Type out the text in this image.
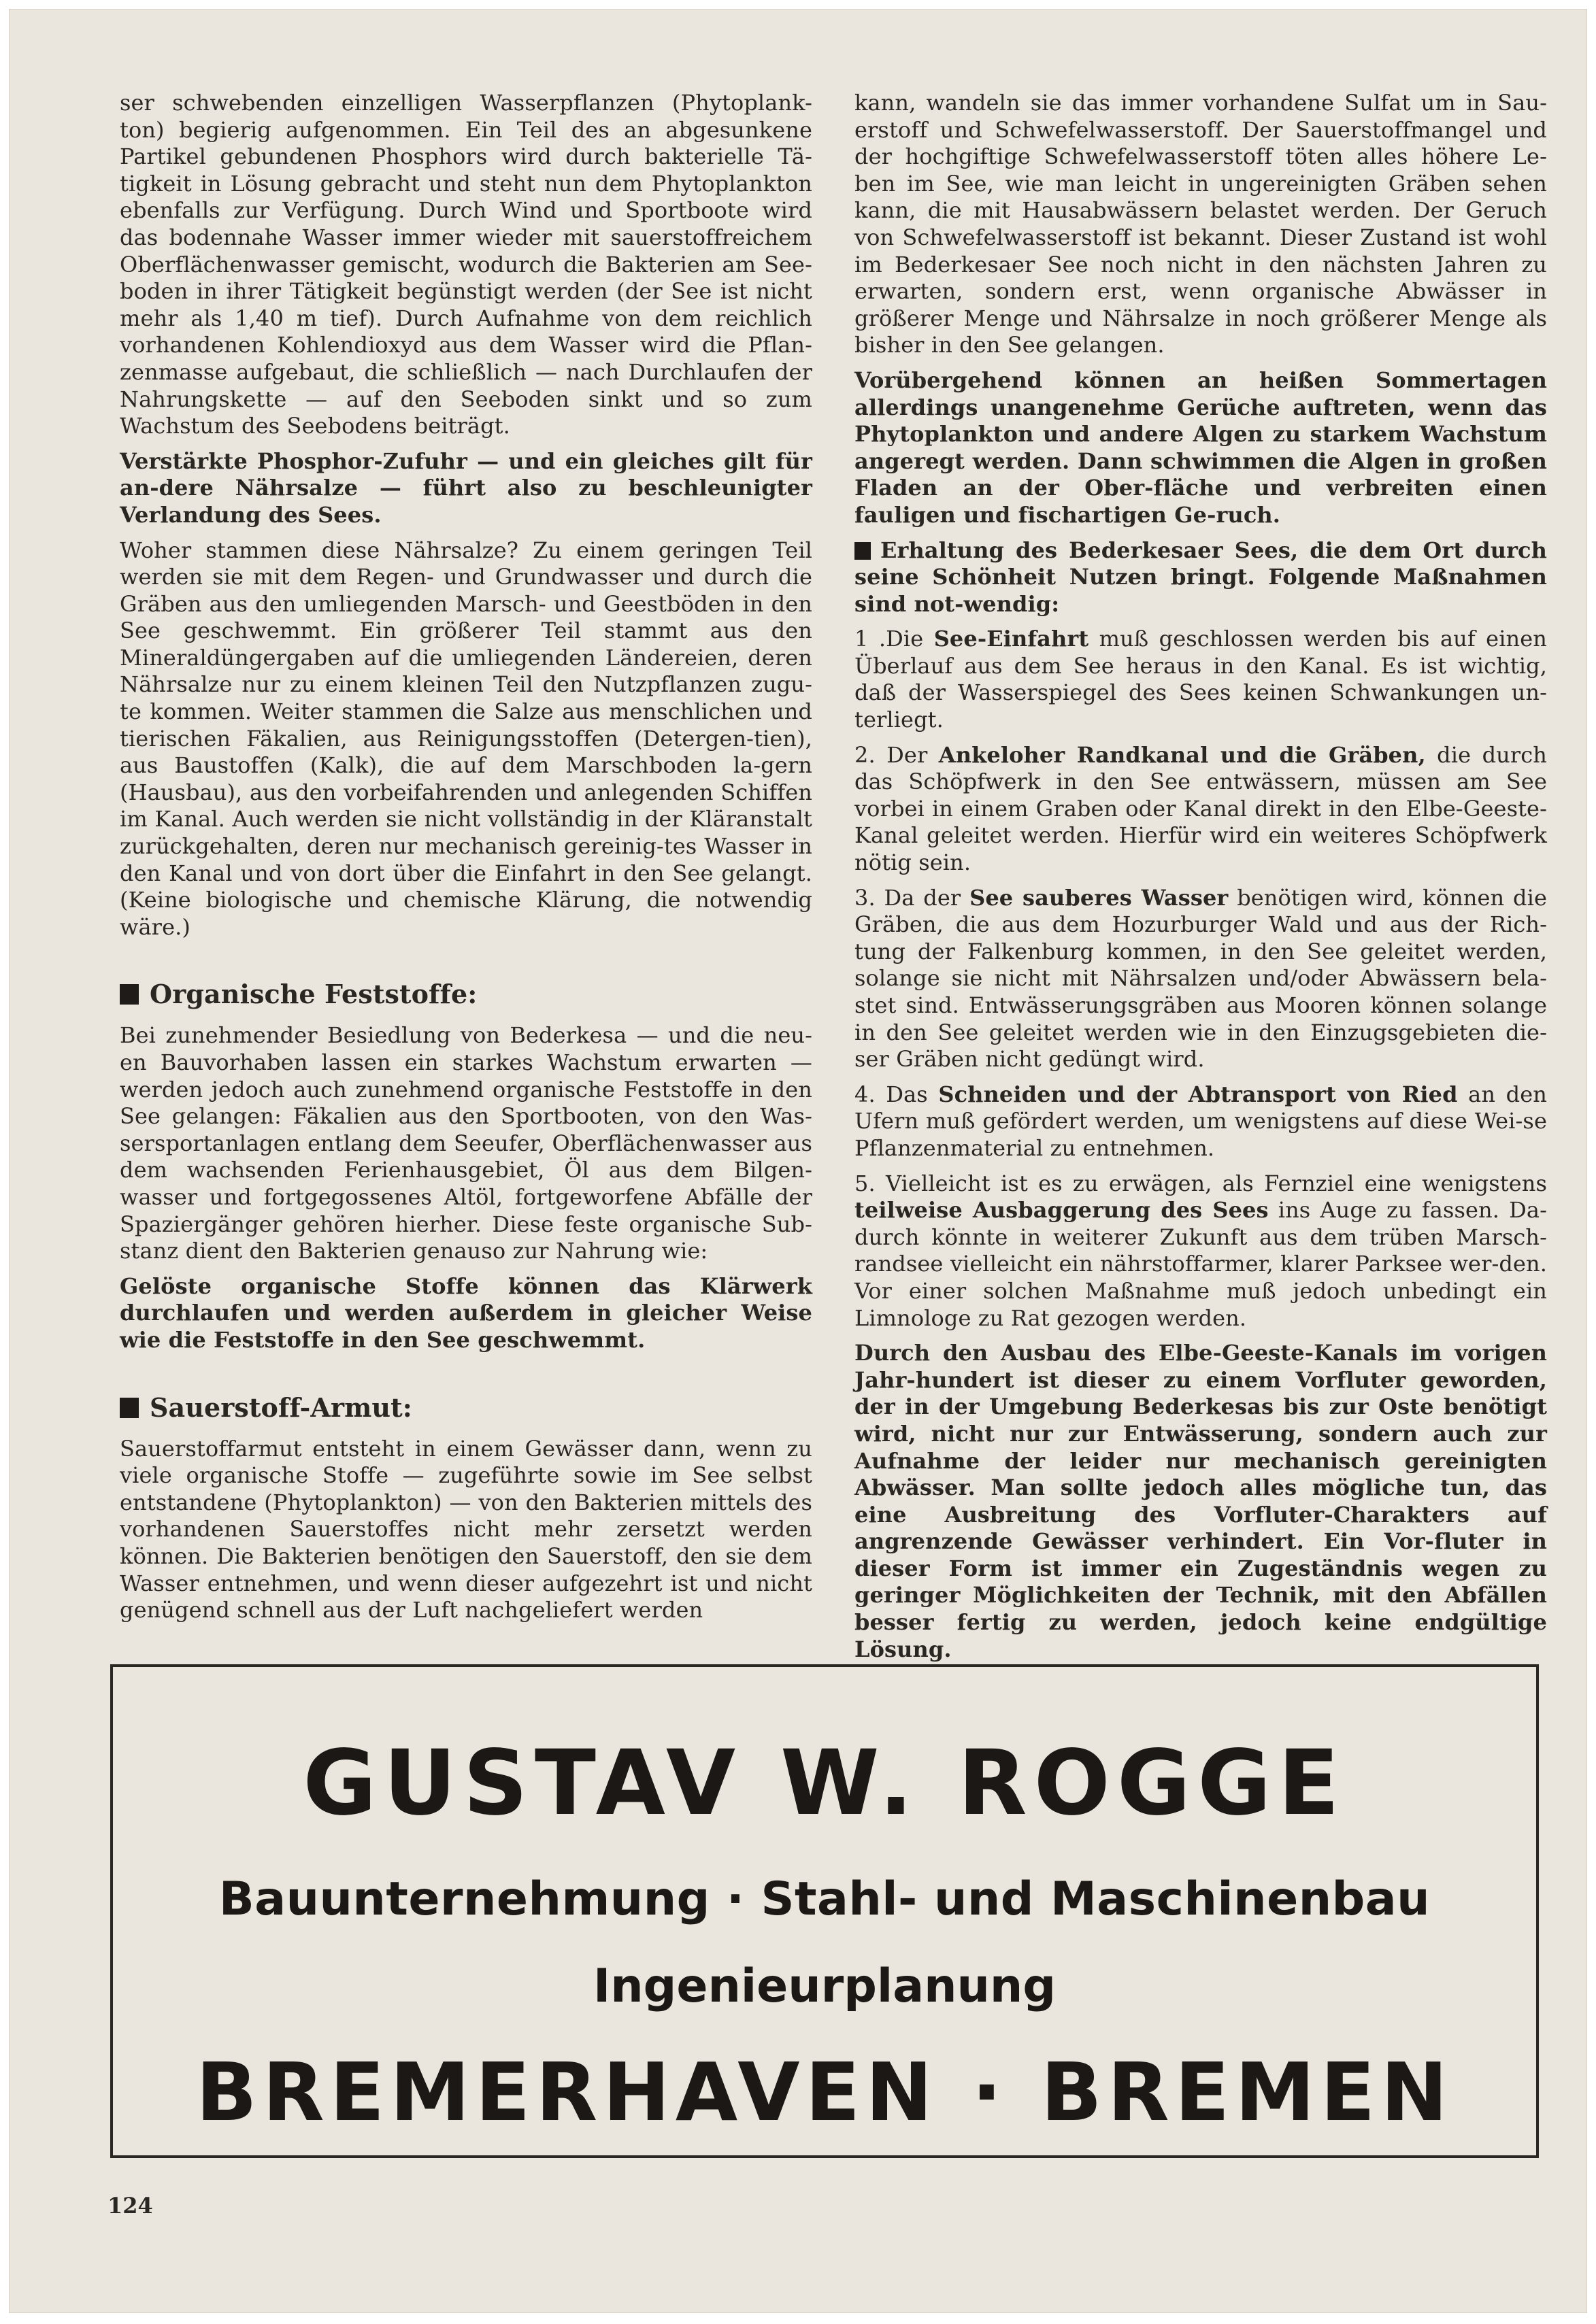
ser schwebenden einzelligen Wasserpflanzen (Phytoplank-ton) begierig aufgenommen. Ein Teil des an abgesunkene Partikel gebundenen Phosphors wird durch bakterielle Tä-tigkeit in Lösung gebracht und steht nun dem Phytoplankton ebenfalls zur Verfügung. Durch Wind und Sportboote wird das bodennahe Wasser immer wieder mit sauerstoffreichem Oberflächenwasser gemischt, wodurch die Bakterien am See-boden in ihrer Tätigkeit begünstigt werden (der See ist nicht mehr als 1,40 m tief). Durch Aufnahme von dem reichlich vorhandenen Kohlendioxyd aus dem Wasser wird die Pflan-zenmasse aufgebaut, die schließlich — nach Durchlaufen der Nahrungskette — auf den Seeboden sinkt und so zum Wachstum des Seebodens beiträgt.

Verstärkte Phosphor-Zufuhr — und ein gleiches gilt für an-dere Nährsalze — führt also zu beschleunigter Verlandung des Sees.

Woher stammen diese Nährsalze? Zu einem geringen Teil werden sie mit dem Regen- und Grundwasser und durch die Gräben aus den umliegenden Marsch- und Geestböden in den See geschwemmt. Ein größerer Teil stammt aus den Mineraldüngergaben auf die umliegenden Ländereien, deren Nährsalze nur zu einem kleinen Teil den Nutzpflanzen zugu-te kommen. Weiter stammen die Salze aus menschlichen und tierischen Fäkalien, aus Reinigungsstoffen (Detergen-tien), aus Baustoffen (Kalk), die auf dem Marschboden la-gern (Hausbau), aus den vorbeifahrenden und anlegenden Schiffen im Kanal. Auch werden sie nicht vollständig in der Kläranstalt zurückgehalten, deren nur mechanisch gereinig-tes Wasser in den Kanal und von dort über die Einfahrt in den See gelangt. (Keine biologische und chemische Klärung, die notwendig wäre.)

Organische Feststoffe:

Bei zunehmender Besiedlung von Bederkesa — und die neu-en Bauvorhaben lassen ein starkes Wachstum erwarten — werden jedoch auch zunehmend organische Feststoffe in den See gelangen: Fäkalien aus den Sportbooten, von den Was-sersportanlagen entlang dem Seeufer, Oberflächenwasser aus dem wachsenden Ferienhausgebiet, Öl aus dem Bilgen-wasser und fortgegossenes Altöl, fortgeworfene Abfälle der Spaziergänger gehören hierher. Diese feste organische Sub-stanz dient den Bakterien genauso zur Nahrung wie:

Gelöste organische Stoffe können das Klärwerk durchlaufen und werden außerdem in gleicher Weise wie die Feststoffe in den See geschwemmt.

Sauerstoff-Armut:

Sauerstoffarmut entsteht in einem Gewässer dann, wenn zu viele organische Stoffe — zugeführte sowie im See selbst entstandene (Phytoplankton) — von den Bakterien mittels des vorhandenen Sauerstoffes nicht mehr zersetzt werden können. Die Bakterien benötigen den Sauerstoff, den sie dem Wasser entnehmen, und wenn dieser aufgezehrt ist und nicht genügend schnell aus der Luft nachgeliefert werden

kann, wandeln sie das immer vorhandene Sulfat um in Sau-erstoff und Schwefelwasserstoff. Der Sauerstoffmangel und der hochgiftige Schwefelwasserstoff töten alles höhere Le-ben im See, wie man leicht in ungereinigten Gräben sehen kann, die mit Hausabwässern belastet werden. Der Geruch von Schwefelwasserstoff ist bekannt. Dieser Zustand ist wohl im Bederkesaer See noch nicht in den nächsten Jahren zu erwarten, sondern erst, wenn organische Abwässer in größerer Menge und Nährsalze in noch größerer Menge als bisher in den See gelangen.

Vorübergehend können an heißen Sommertagen allerdings unangenehme Gerüche auftreten, wenn das Phytoplankton und andere Algen zu starkem Wachstum angeregt werden. Dann schwimmen die Algen in großen Fladen an der Ober-fläche und verbreiten einen fauligen und fischartigen Ge-ruch.

Erhaltung des Bederkesaer Sees, die dem Ort durch seine Schönheit Nutzen bringt. Folgende Maßnahmen sind not-wendig:

1 .Die See-Einfahrt muß geschlossen werden bis auf einen Überlauf aus dem See heraus in den Kanal. Es ist wichtig, daß der Wasserspiegel des Sees keinen Schwankungen un-terliegt.

2. Der Ankeloher Randkanal und die Gräben, die durch das Schöpfwerk in den See entwässern, müssen am See vorbei in einem Graben oder Kanal direkt in den Elbe-Geeste-Kanal geleitet werden. Hierfür wird ein weiteres Schöpfwerk nötig sein.

3. Da der See sauberes Wasser benötigen wird, können die Gräben, die aus dem Hozurburger Wald und aus der Rich-tung der Falkenburg kommen, in den See geleitet werden, solange sie nicht mit Nährsalzen und/oder Abwässern bela-stet sind. Entwässerungsgräben aus Mooren können solange in den See geleitet werden wie in den Einzugsgebieten die-ser Gräben nicht gedüngt wird.

4. Das Schneiden und der Abtransport von Ried an den Ufern muß gefördert werden, um wenigstens auf diese Wei-se Pflanzenmaterial zu entnehmen.

5. Vielleicht ist es zu erwägen, als Fernziel eine wenigstens teilweise Ausbaggerung des Sees ins Auge zu fassen. Da-durch könnte in weiterer Zukunft aus dem trüben Marsch-randsee vielleicht ein nährstoffarmer, klarer Parksee wer-den. Vor einer solchen Maßnahme muß jedoch unbedingt ein Limnologe zu Rat gezogen werden.

Durch den Ausbau des Elbe-Geeste-Kanals im vorigen Jahr-hundert ist dieser zu einem Vorfluter geworden, der in der Umgebung Bederkesas bis zur Oste benötigt wird, nicht nur zur Entwässerung, sondern auch zur Aufnahme der leider nur mechanisch gereinigten Abwässer. Man sollte jedoch alles mögliche tun, das eine Ausbreitung des Vorfluter-Charakters auf angrenzende Gewässer verhindert. Ein Vor-fluter in dieser Form ist immer ein Zugeständnis wegen zu geringer Möglichkeiten der Technik, mit den Abfällen besser fertig zu werden, jedoch keine endgültige Lösung.

GUSTAV W. ROGGE
Bauunternehmung · Stahl- und Maschinenbau
Ingenieurplanung
BREMERHAVEN · BREMEN
124
